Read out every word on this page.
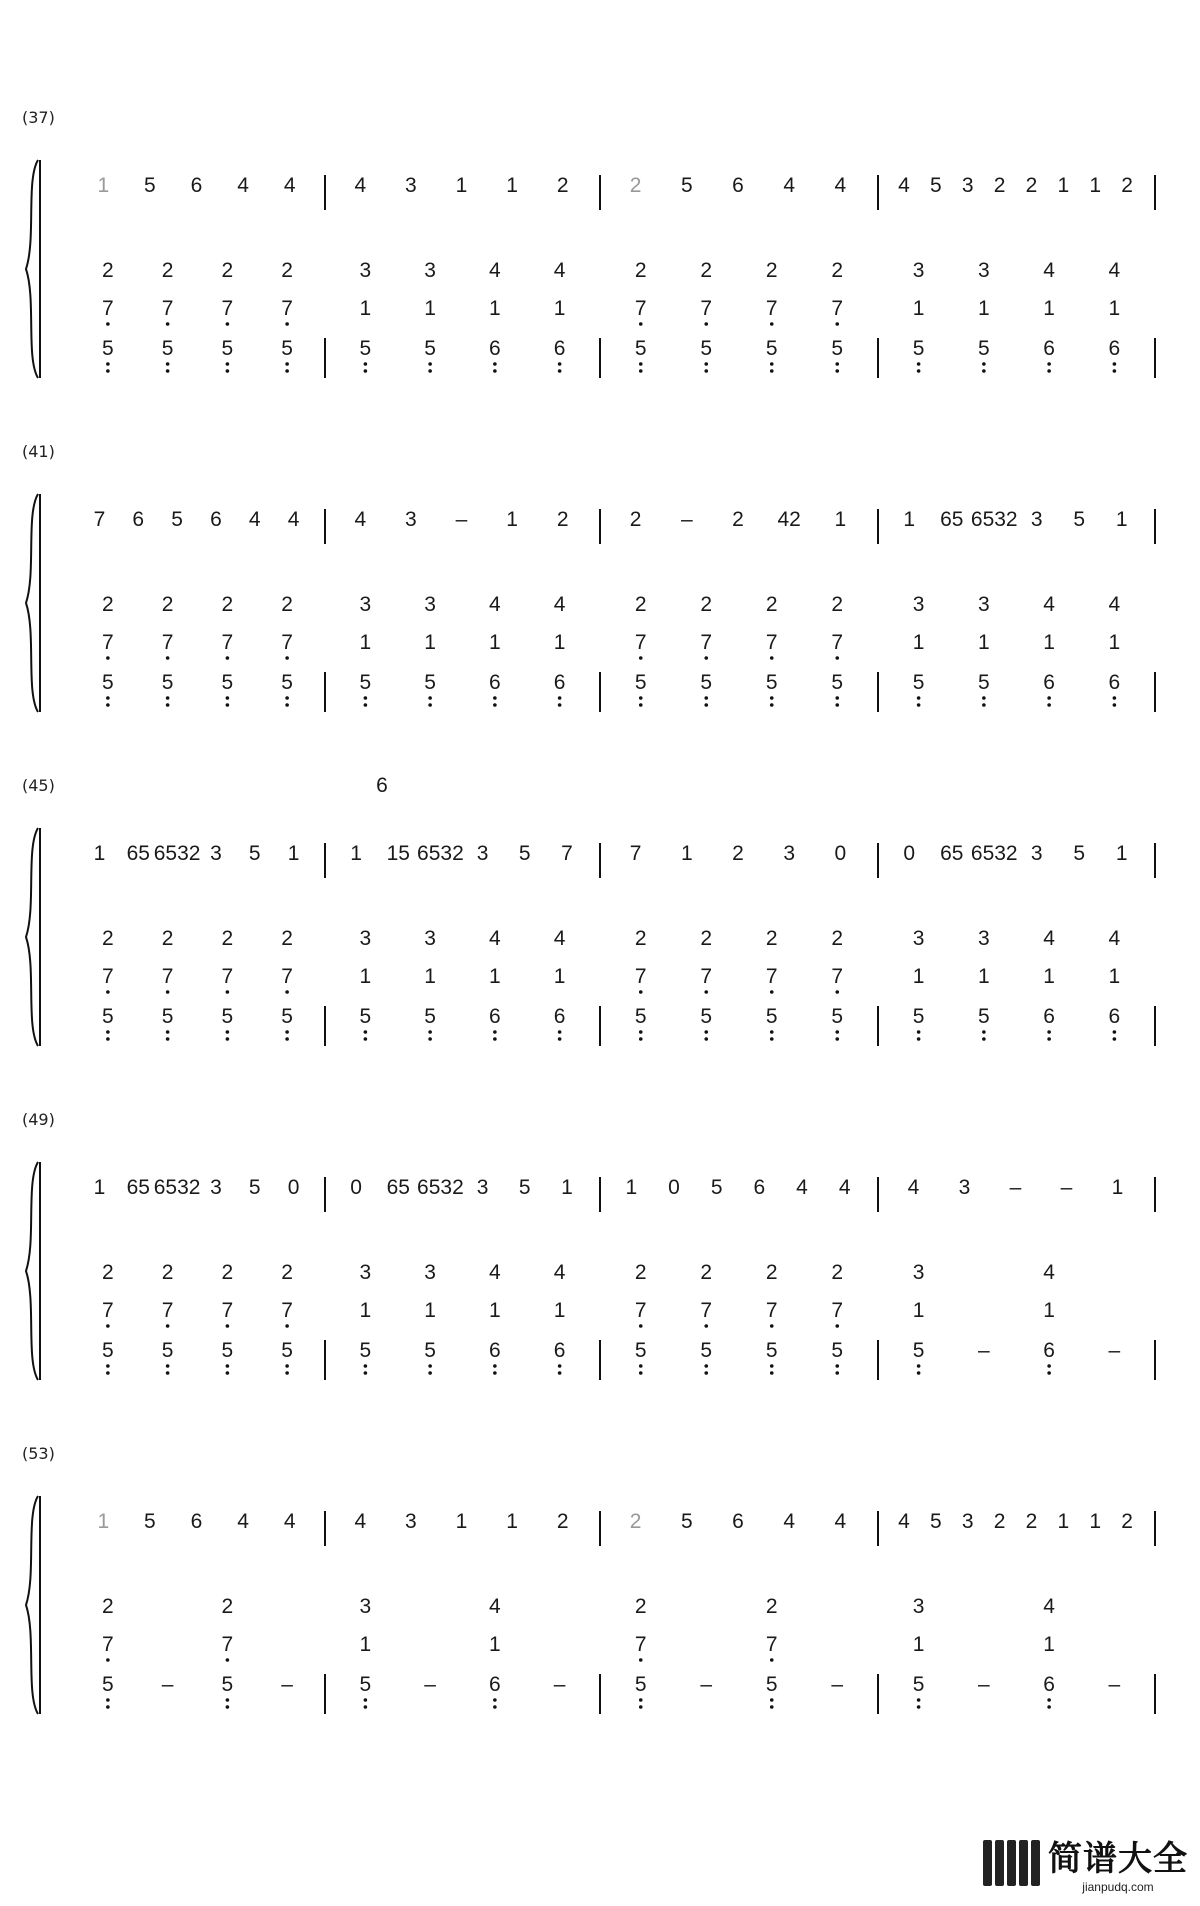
(37)
1 5 6 4 4	4 3 1 1 2	2 5 6 4 4 4 5 3 2 2 1 1 2
2 2 2 2	3	3	4	4	2	2	2	2	3	3	4	4
7 7 7 7	1	1	1	1	7	7	7	7	1	1	1	1
5 5 5 5	5	5	6	6	5	5	5	5	5	5	6	6
(41)
7 6 5 6 4 4	4 3 – 1 2	2 – 2 42 1	1 65 6532 3 5 1
2 2 2 2	3	3	4	4	2	2	2	2	3	3	4	4
7 7 7 7	1	1	1	1	7	7	7	7	1	1	1	1
5 5 5 5	5	5	6	6	5	5	5	5	5	5	6	6
(45)
1 65 6532 3 5 1 1 15 6532 3 5 7	7 1 2 3 0	0 65 6532 3 5 1
6
2 2 2 2	3	3	4	4	2	2	2	2	3	3	4	4
7 7 7 7	1	1	1	1	7	7	7	7	1	1	1	1
5 5 5 5	5	5	6	6	5	5	5	5	5	5	6	6
(49)
1 65 6532 3 5 0 0 65 6532 3 5 1	1 0 5 6 4 4	4 3 – – 1
2 2 2 2	3	3	4	4	2	2	2	2	3	4
7 7 7 7	1	1	1	1	7	7	7	7	1	1
5 5 5 5	5	5	6	6	5	5	5	5	5	–	6	–
(53)
1 5 6 4 4	4 3 1 1 2	2 5 6 4 4 4 5 3 2 2 1 1 2
2	2	3	4	2	2	3	4
7	7	1	1	7	7	1	1
5 – 5 –	5	–	6	–	5	–	5	–	5	–	6	–
简谱大全
jianpudq.com
